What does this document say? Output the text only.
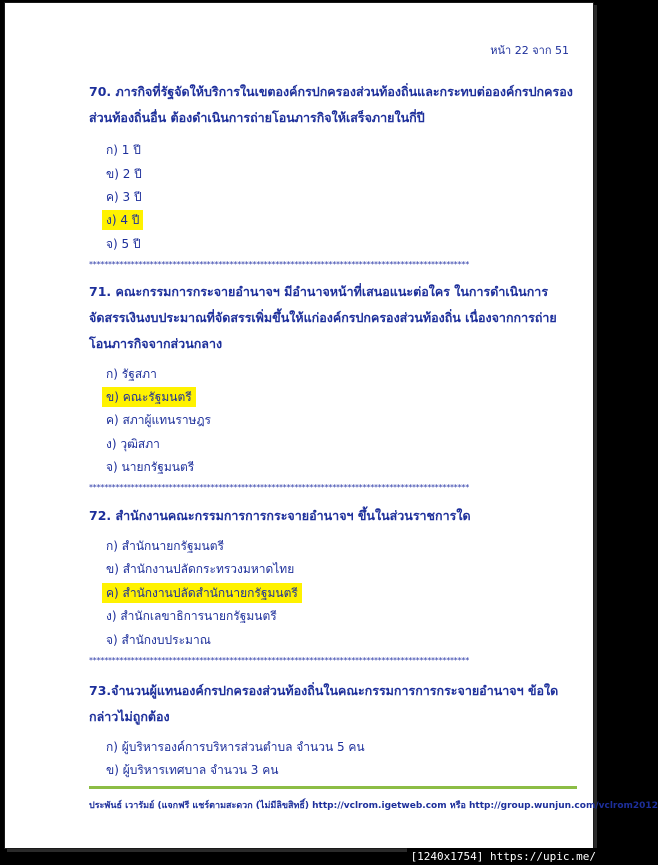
หน้า 22 จาก 51
70. ภารกิจที่รัฐจัดให้บริการในเขตองค์กรปกครองส่วนท้องถิ่นและกระทบต่อองค์กรปกครองส่วนท้องถิ่นอื่น ต้องดำเนินการถ่ายโอนภารกิจให้เสร็จภายในกี่ปี
ก) 1 ปี
ข) 2 ปี
ค) 3 ปี
ง) 4 ปี
จ) 5 ปี
****************************************************************************************************
71. คณะกรรมการกระจายอำนาจฯ มีอำนาจหน้าที่เสนอแนะต่อใคร ในการดำเนินการจัดสรรเงินงบประมาณที่จัดสรรเพิ่มขึ้นให้แก่องค์กรปกครองส่วนท้องถิ่น เนื่องจากการถ่ายโอนภารกิจจากส่วนกลาง
ก) รัฐสภา
ข) คณะรัฐมนตรี
ค) สภาผู้แทนราษฎร
ง) วุฒิสภา
จ) นายกรัฐมนตรี
****************************************************************************************************
72. สำนักงานคณะกรรมการการกระจายอำนาจฯ ขึ้นในส่วนราชการใด
ก) สำนักนายกรัฐมนตรี
ข) สำนักงานปลัดกระทรวงมหาดไทย
ค) สำนักงานปลัดสำนักนายกรัฐมนตรี
ง) สำนักเลขาธิการนายกรัฐมนตรี
จ) สำนักงบประมาณ
****************************************************************************************************
73.จำนวนผู้แทนองค์กรปกครองส่วนท้องถิ่นในคณะกรรมการการกระจายอำนาจฯ ข้อใดกล่าวไม่ถูกต้อง
ก) ผู้บริหารองค์การบริหารส่วนตำบล จำนวน 5 คน
ข) ผู้บริหารเทศบาล จำนวน 3 คน
ประพันธ์ เวารัมย์ (แจกฟรี แชร์ตามสะดวก (ไม่มีลิขสิทธิ์) http://vclrom.igetweb.com หรือ http://group.wunjun.com/vclrom2012
[1240x1754] https://upic.me/
